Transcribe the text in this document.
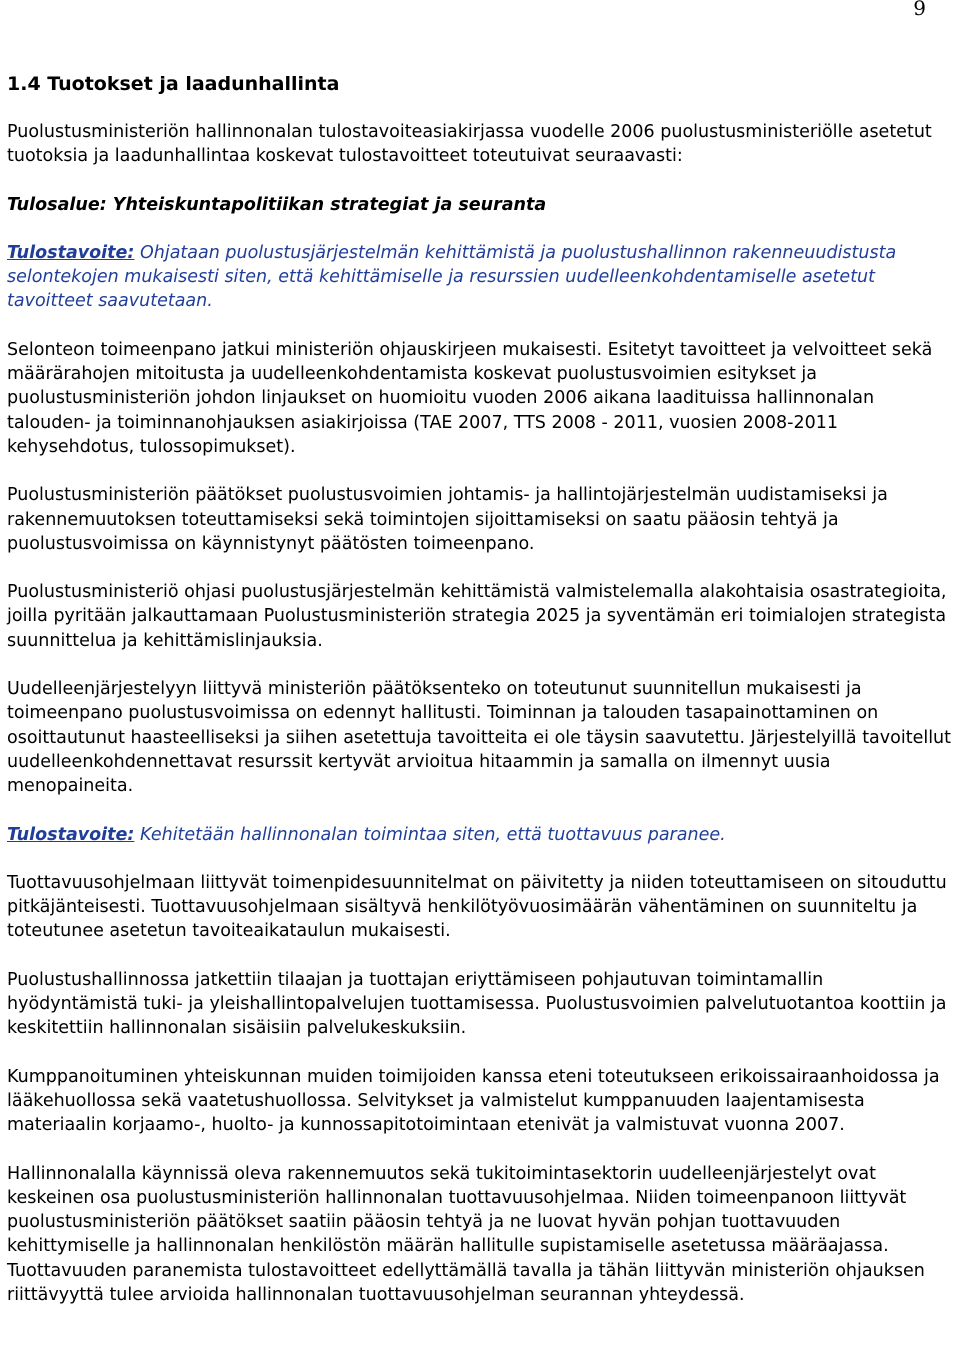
9
1.4 Tuotokset ja laadunhallinta

Puolustusministeriön hallinnonalan tulostavoiteasiakirjassa vuodelle 2006 puolustusministeriölle asetetut tuotoksia ja laadunhallintaa koskevat tulostavoitteet toteutuivat seuraavasti:

Tulosalue: Yhteiskuntapolitiikan strategiat ja seuranta

Tulostavoite: Ohjataan puolustusjärjestelmän kehittämistä ja puolustushallinnon rakenneuudistusta selontekojen mukaisesti siten, että kehittämiselle ja resurssien uudelleenkohdentamiselle asetetut tavoitteet saavutetaan.

Selonteon toimeenpano jatkui ministeriön ohjauskirjeen mukaisesti. Esitetyt tavoitteet ja velvoitteet sekä määrärahojen mitoitusta ja uudelleenkohdentamista koskevat puolustusvoimien esitykset ja puolustusministeriön johdon linjaukset on huomioitu vuoden 2006 aikana laadituissa hallinnonalan talouden- ja toiminnanohjauksen asiakirjoissa (TAE 2007, TTS 2008 - 2011, vuosien 2008-2011 kehysehdotus, tulossopimukset).

Puolustusministeriön päätökset puolustusvoimien johtamis- ja hallintojärjestelmän uudistamiseksi ja rakennemuutoksen toteuttamiseksi sekä toimintojen sijoittamiseksi on saatu pääosin tehtyä ja puolustusvoimissa on käynnistynyt päätösten toimeenpano.

Puolustusministeriö ohjasi puolustusjärjestelmän kehittämistä valmistelemalla alakohtaisia osastrategioita, joilla pyritään jalkauttamaan Puolustusministeriön strategia 2025 ja syventämän eri toimialojen strategista suunnittelua ja kehittämislinjauksia.

Uudelleenjärjestelyyn liittyvä ministeriön päätöksenteko on toteutunut suunnitellun mukaisesti ja toimeenpano puolustusvoimissa on edennyt hallitusti. Toiminnan ja talouden tasapainottaminen on osoittautunut haasteelliseksi ja siihen asetettuja tavoitteita ei ole täysin saavutettu. Järjestelyillä tavoitellut uudelleenkohdennettavat resurssit kertyvät arvioitua hitaammin ja samalla on ilmennyt uusia menopaineita.

Tulostavoite: Kehitetään hallinnonalan toimintaa siten, että tuottavuus paranee.

Tuottavuusohjelmaan liittyvät toimenpidesuunnitelmat on päivitetty ja niiden toteuttamiseen on sitouduttu pitkäjänteisesti. Tuottavuusohjelmaan sisältyvä henkilötyövuosimäärän vähentäminen on suunniteltu ja toteutunee asetetun tavoiteaikataulun mukaisesti.

Puolustushallinnossa jatkettiin tilaajan ja tuottajan eriyttämiseen pohjautuvan toimintamallin hyödyntämistä tuki- ja yleishallintopalvelujen tuottamisessa. Puolustusvoimien palvelutuotantoa koottiin ja keskitettiin hallinnonalan sisäisiin palvelukeskuksiin.

Kumppanoituminen yhteiskunnan muiden toimijoiden kanssa eteni toteutukseen erikoissairaanhoidossa ja lääkehuollossa sekä vaatetushuollossa. Selvitykset ja valmistelut kumppanuuden laajentamisesta materiaalin korjaamo-, huolto- ja kunnossapitotoimintaan etenivät ja valmistuvat vuonna 2007.

Hallinnonalalla käynnissä oleva rakennemuutos sekä tukitoimintasektorin uudelleenjärjestelyt ovat keskeinen osa puolustusministeriön hallinnonalan tuottavuusohjelmaa. Niiden toimeenpanoon liittyvät puolustusministeriön päätökset saatiin pääosin tehtyä ja ne luovat hyvän pohjan tuottavuuden kehittymiselle ja hallinnonalan henkilöstön määrän hallitulle supistamiselle asetetussa määräajassa. Tuottavuuden paranemista tulostavoitteet edellyttämällä tavalla ja tähän liittyvän ministeriön ohjauksen riittävyyttä tulee arvioida hallinnonalan tuottavuusohjelman seurannan yhteydessä.
